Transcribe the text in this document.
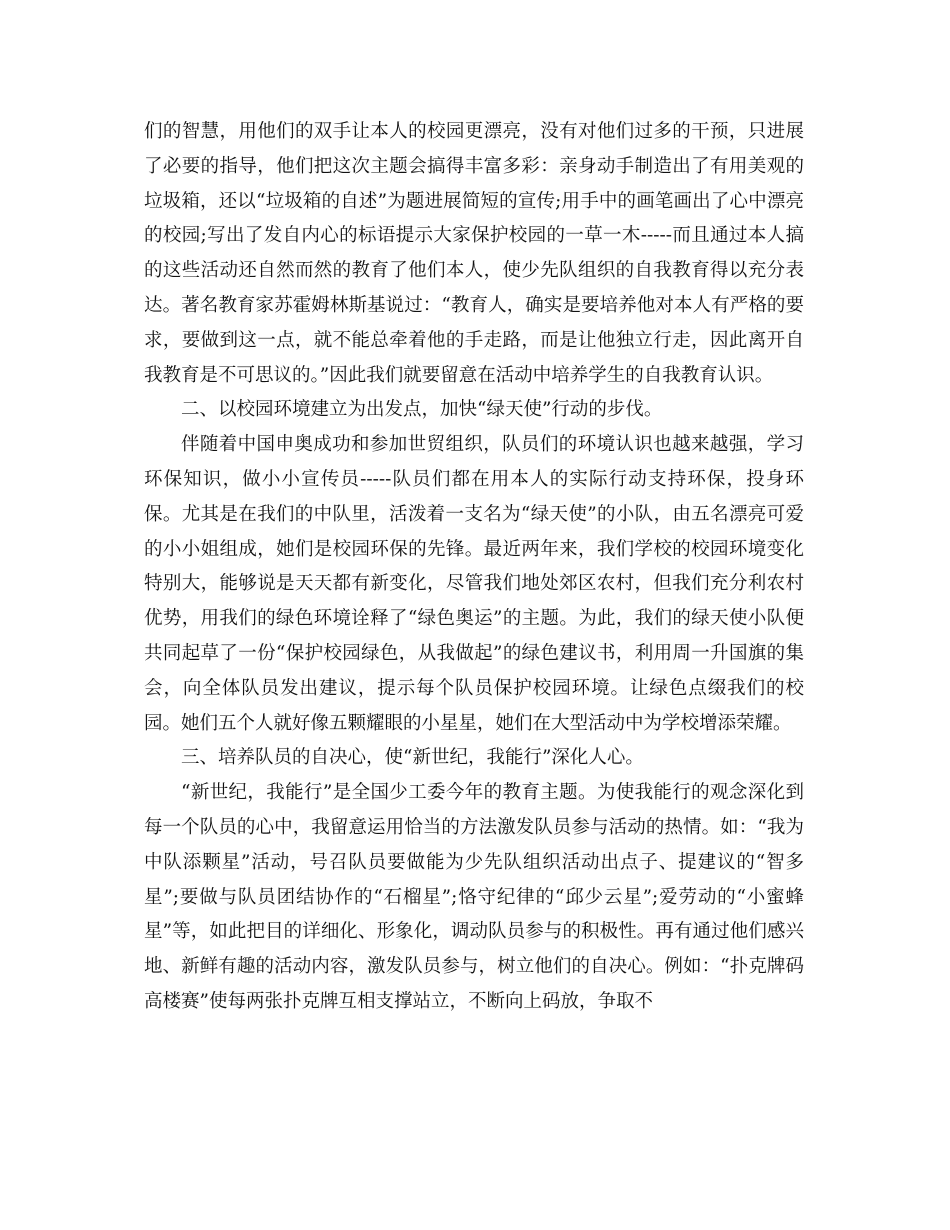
们的智慧，用他们的双手让本人的校园更漂亮，没有对他们过多的干预，只进展了必要的指导，他们把这次主题会搞得丰富多彩：亲身动手制造出了有用美观的垃圾箱，还以“垃圾箱的自述”为题进展简短的宣传;用手中的画笔画出了心中漂亮的校园;写出了发自内心的标语提示大家保护校园的一草一木-----而且通过本人搞的这些活动还自然而然的教育了他们本人，使少先队组织的自我教育得以充分表达。著名教育家苏霍姆林斯基说过：“教育人，确实是要培养他对本人有严格的要求，要做到这一点，就不能总牵着他的手走路，而是让他独立行走，因此离开自我教育是不可思议的。”因此我们就要留意在活动中培养学生的自我教育认识。

二、以校园环境建立为出发点，加快“绿天使”行动的步伐。

伴随着中国申奥成功和参加世贸组织，队员们的环境认识也越来越强，学习环保知识，做小小宣传员-----队员们都在用本人的实际行动支持环保，投身环保。尤其是在我们的中队里，活泼着一支名为“绿天使”的小队，由五名漂亮可爱的小小姐组成，她们是校园环保的先锋。最近两年来，我们学校的校园环境变化特别大，能够说是天天都有新变化，尽管我们地处郊区农村，但我们充分利农村优势，用我们的绿色环境诠释了“绿色奥运”的主题。为此，我们的绿天使小队便共同起草了一份“保护校园绿色，从我做起”的绿色建议书，利用周一升国旗的集会，向全体队员发出建议，提示每个队员保护校园环境。让绿色点缀我们的校园。她们五个人就好像五颗耀眼的小星星，她们在大型活动中为学校增添荣耀。

三、培养队员的自决心，使“新世纪，我能行”深化人心。

“新世纪，我能行”是全国少工委今年的教育主题。为使我能行的观念深化到每一个队员的心中，我留意运用恰当的方法激发队员参与活动的热情。如：“我为中队添颗星”活动，号召队员要做能为少先队组织活动出点子、提建议的“智多星”;要做与队员团结协作的“石榴星”;恪守纪律的“邱少云星”;爱劳动的“小蜜蜂星”等，如此把目的详细化、形象化，调动队员参与的积极性。再有通过他们感兴地、新鲜有趣的活动内容，激发队员参与，树立他们的自决心。例如：“扑克牌码高楼赛”使每两张扑克牌互相支撑站立，不断向上码放，争取不
